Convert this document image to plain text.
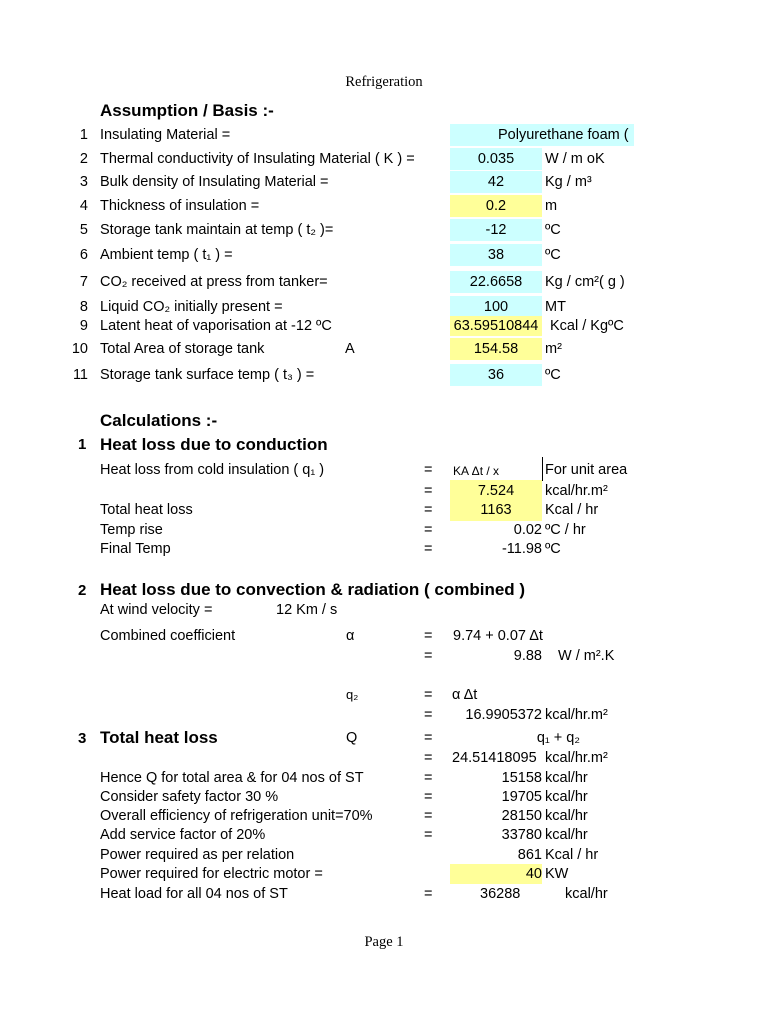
Refrigeration
Assumption / Basis :-
1 Insulating Material =	Polyurethane foam (
2 Thermal conductivity of Insulating Material ( K ) =	0.035	W / m oK
3 Bulk density of Insulating Material =	42	Kg / m³
4 Thickness of insulation =	0.2	m
5 Storage tank maintain at temp ( t₂ )=	-12	ºC
6 Ambient temp ( t₁ ) =	38	ºC
7 CO₂ received at press from tanker=	22.6658	Kg / cm²( g )
8 Liquid CO₂ initially present =	100	MT
9 Latent heat of vaporisation at -12 ºC	63.59510844 Kcal / KgºC
10 Total Area of storage tank	A	154.58	m²
11 Storage tank surface temp ( t₃ ) =	36	ºC
Calculations :-
1 Heat loss due to conduction
Heat loss from cold insulation ( q₁ )	= KA Δt / x	For unit area
=	7.524	kcal/hr.m²
Total heat loss	=	1163	Kcal / hr
Temp rise	=	0.02 ºC / hr
Final Temp	=	-11.98 ºC
2 Heat loss due to convection & radiation ( combined )
At wind velocity =	12 Km / s
Combined coefficient	α	= 9.74 + 0.07 Δt
=	9.88 W / m².K
q₂	= α Δt
=	16.9905372 kcal/hr.m²
3 Total heat loss	Q	=	q₁ + q₂
= 24.51418095 kcal/hr.m²
Hence Q for total area & for 04 nos of ST	=	15158 kcal/hr
Consider safety factor 30 %	=	19705 kcal/hr
Overall efficiency of refrigeration unit=70%	=	28150 kcal/hr
Add service factor of 20%	=	33780 kcal/hr
Power required as per relation	861 Kcal / hr
Power required for electric motor =	40 KW
Heat load for all 04 nos of ST	=	36288	kcal/hr
Page 1
